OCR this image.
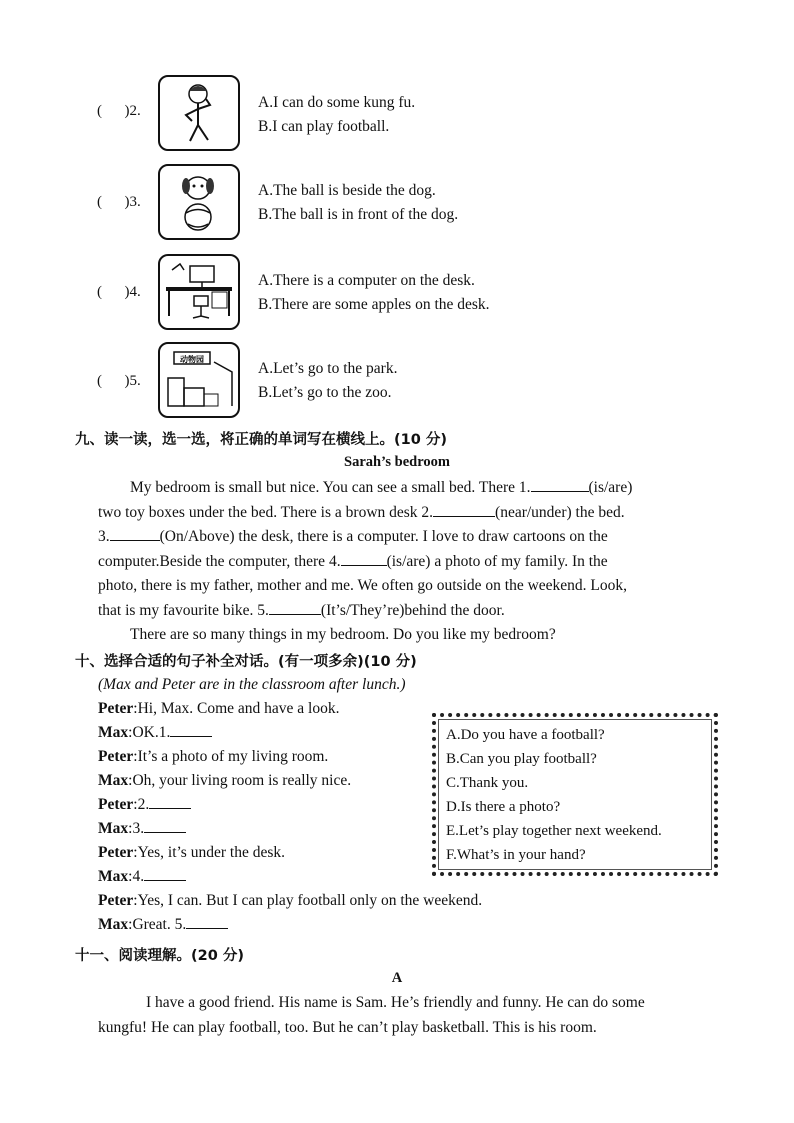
( )2.	A.I can do some kung fu.
B.I can play football.
( )3.
A.The ball is beside the dog.
B.The ball is in front of the dog.
( )4.
A.There is a computer on the desk.
B.There are some apples on the desk.
( )5.
动物园
A.Let’s go to the park.
B.Let’s go to the zoo.
九、读一读，选一选，将正确的单词写在横线上。(10 分)
Sarah’s bedroom
My bedroom is small but nice. You can see a small bed. There 1.	(is/are)
two toy boxes under the bed. There is a brown desk 2.	(near/under) the bed.
3.	(On/Above) the desk, there is a computer. I love to draw cartoons on the
computer.Beside the computer, there 4.	(is/are) a photo of my family. In the
photo, there is my father, mother and me. We often go outside on the weekend. Look,
that is my favourite bike. 5.	(It’s/They’re)behind the door.
There are so many things in my bedroom. Do you like my bedroom?
十、选择合适的句子补全对话。(有一项多余)(10 分)
(Max and Peter are in the classroom after lunch.)
Peter:Hi, Max. Come and have a look.
Max:OK.1.
Peter:It’s a photo of my living room.
Max:Oh, your living room is really nice.
Peter:2.
Max:3.
Peter:Yes, it’s under the desk.
Max:4.
Peter:Yes, I can. But I can play football only on the weekend.
Max:Great. 5.
A.Do you have a football?
B.Can you play football?
C.Thank you.
D.Is there a photo?
E.Let’s play together next weekend.
F.What’s in your hand?
十一、阅读理解。(20 分)
A
I have a good friend. His name is Sam. He’s friendly and funny. He can do some
kungfu! He can play football, too. But he can’t play basketball. This is his room.
